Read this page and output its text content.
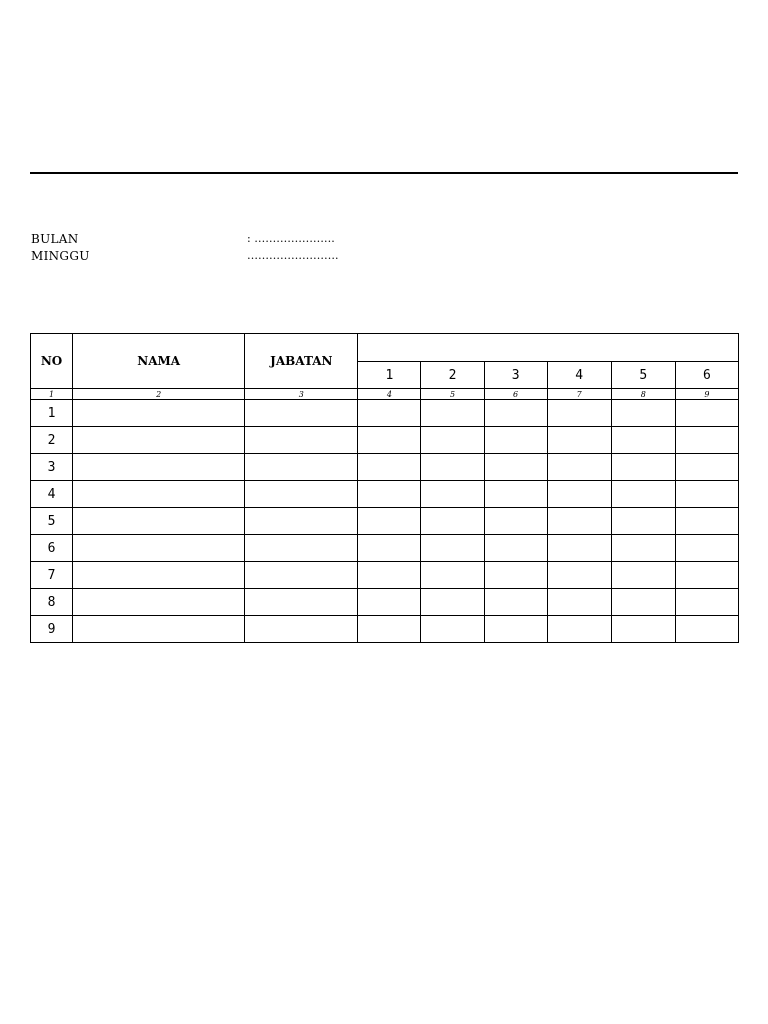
BULAN	: ………………….
MINGGU	…………………….
NO	NAMA	JABATAN						
			1	2	3	4	5	6
1	2	3	4	5	6	7	8	9
1								
2								
3								
4								
5								
6								
7								
8								
9								
